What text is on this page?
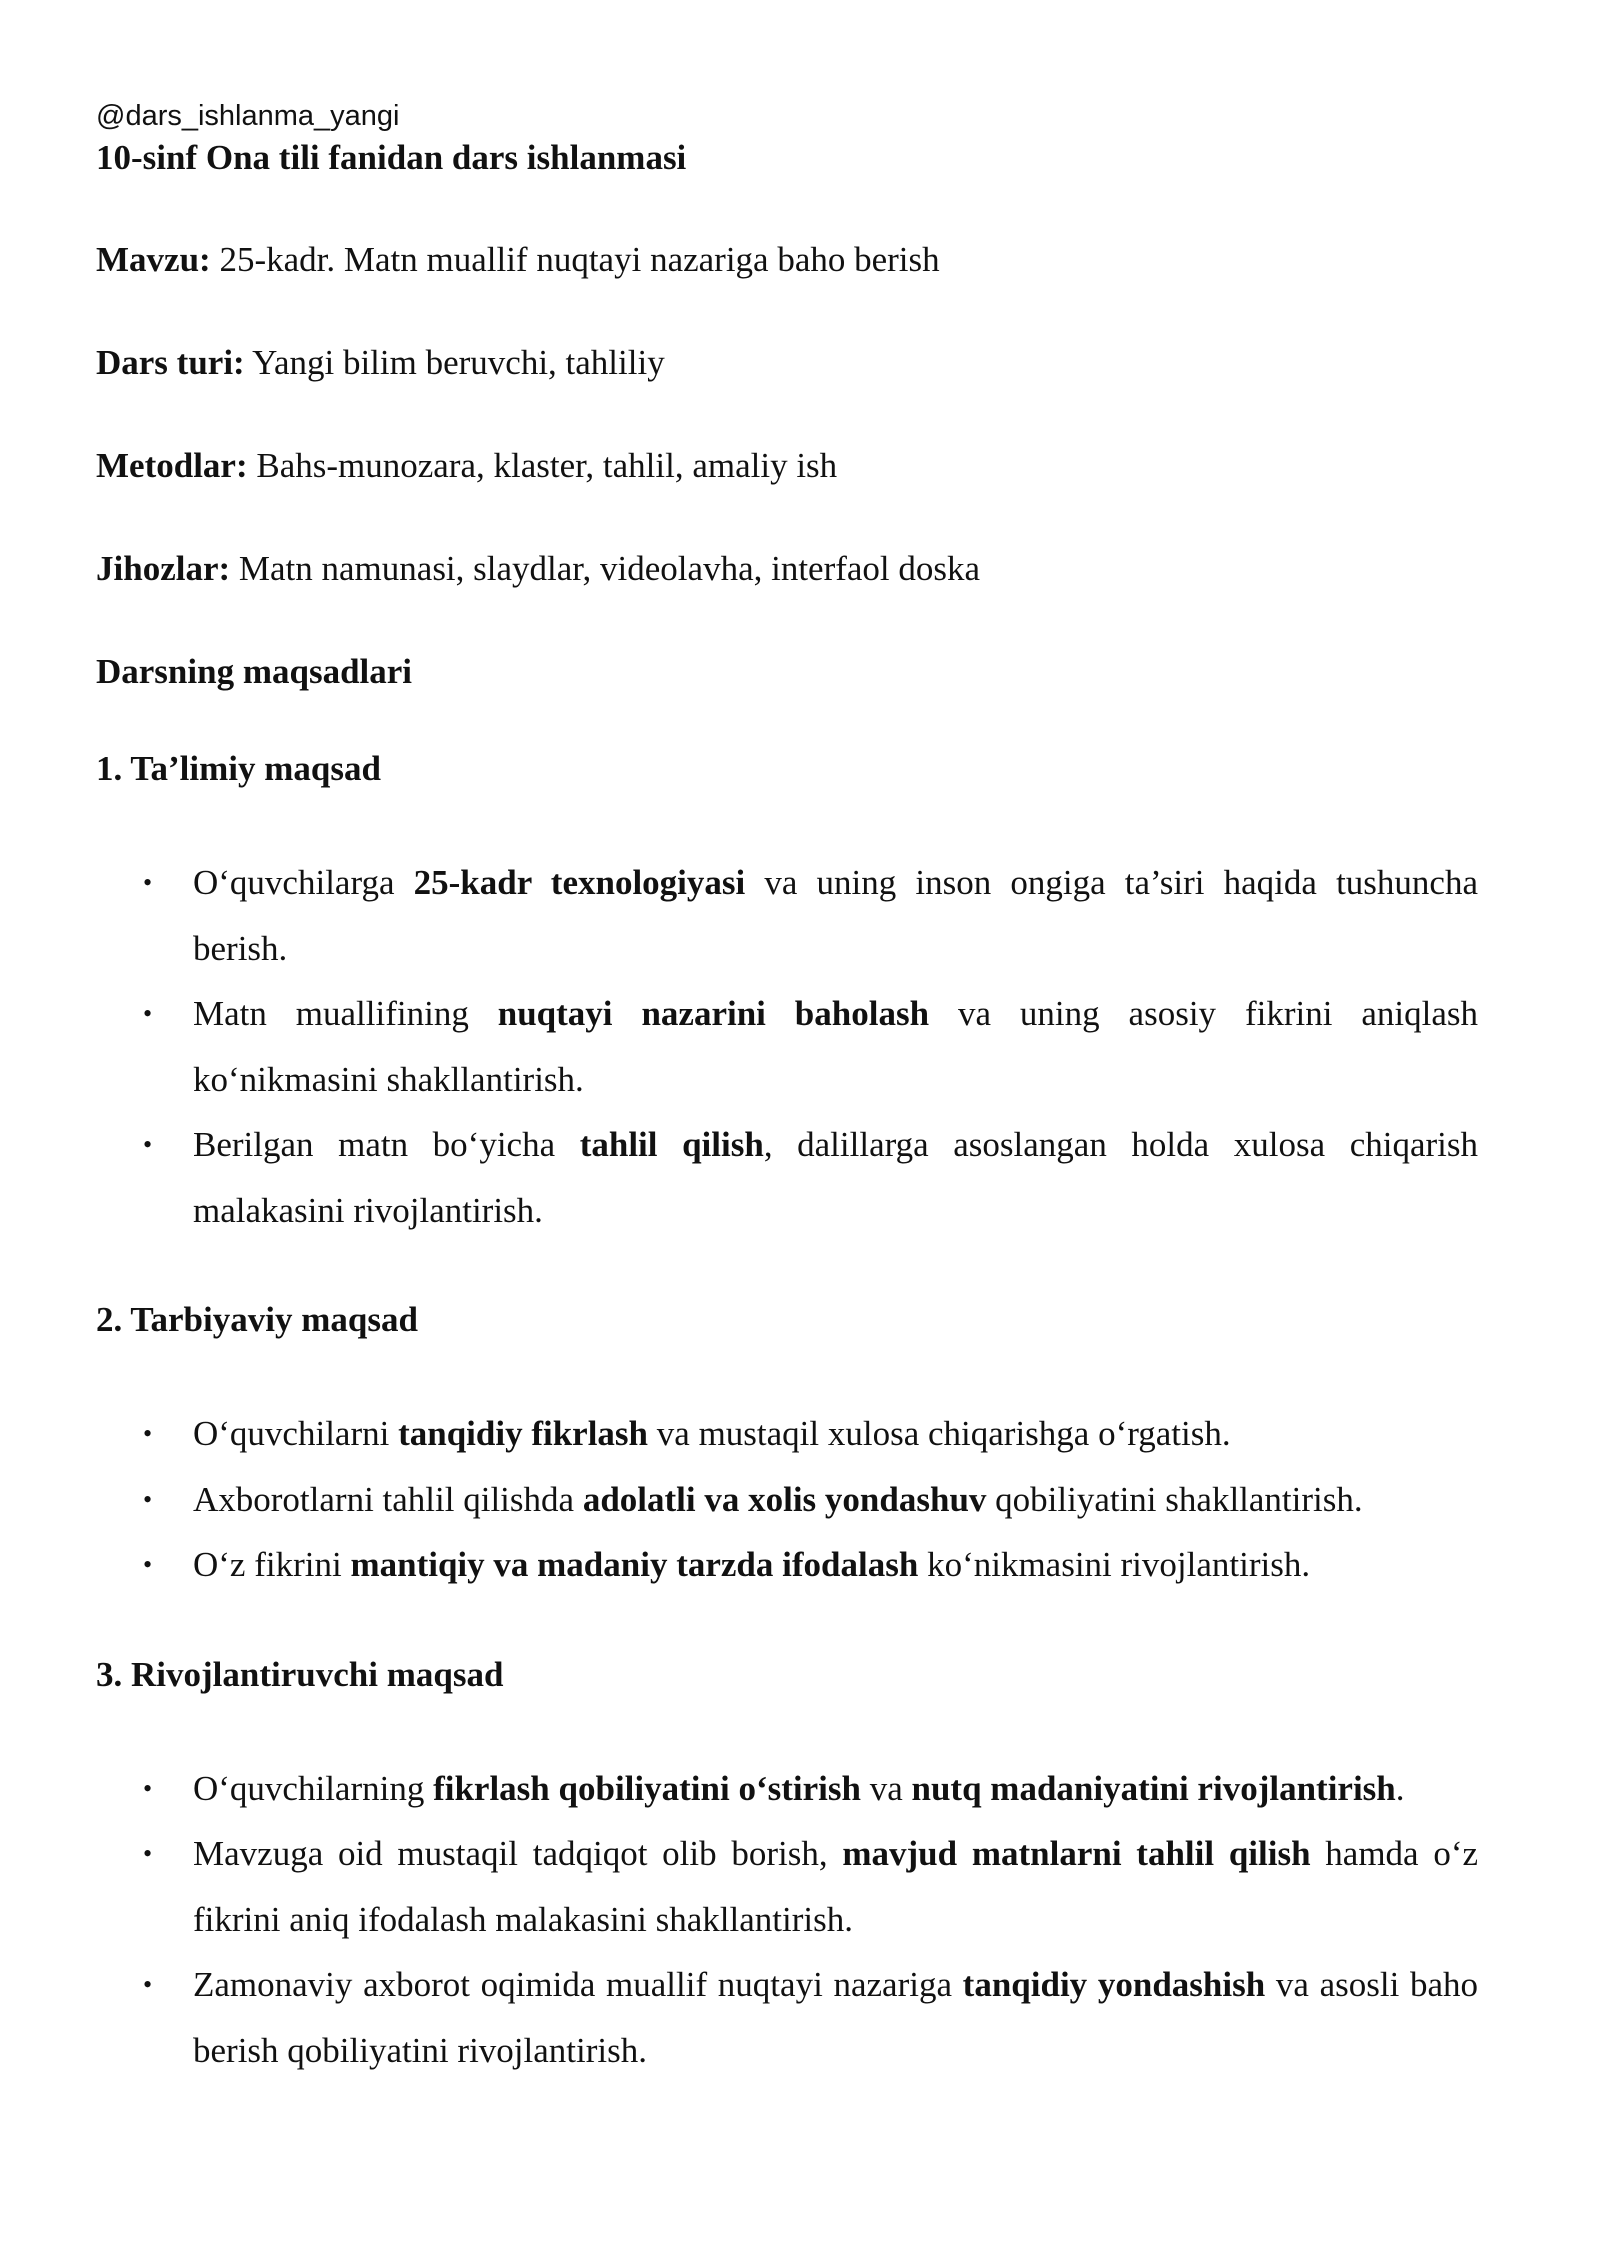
@dars_ishlanma_yangi

10-sinf Ona tili fanidan dars ishlanmasi

Mavzu: 25-kadr. Matn muallif nuqtayi nazariga baho berish

Dars turi: Yangi bilim beruvchi, tahliliy

Metodlar: Bahs-munozara, klaster, tahlil, amaliy ish

Jihozlar: Matn namunasi, slaydlar, videolavha, interfaol doska

Darsning maqsadlari

1. Ta’limiy maqsad

• O‘quvchilarga 25-kadr texnologiyasi va uning inson ongiga ta’siri haqida tushuncha berish.
• Matn muallifining nuqtayi nazarini baholash va uning asosiy fikrini aniqlash ko‘nikmasini shakllantirish.
• Berilgan matn bo‘yicha tahlil qilish, dalillarga asoslangan holda xulosa chiqarish malakasini rivojlantirish.

2. Tarbiyaviy maqsad

• O‘quvchilarni tanqidiy fikrlash va mustaqil xulosa chiqarishga o‘rgatish.
• Axborotlarni tahlil qilishda adolatli va xolis yondashuv qobiliyatini shakllantirish.
• O‘z fikrini mantiqiy va madaniy tarzda ifodalash ko‘nikmasini rivojlantirish.

3. Rivojlantiruvchi maqsad

• O‘quvchilarning fikrlash qobiliyatini o‘stirish va nutq madaniyatini rivojlantirish.
• Mavzuga oid mustaqil tadqiqot olib borish, mavjud matnlarni tahlil qilish hamda o‘z fikrini aniq ifodalash malakasini shakllantirish.
• Zamonaviy axborot oqimida muallif nuqtayi nazariga tanqidiy yondashish va asosli baho berish qobiliyatini rivojlantirish.
